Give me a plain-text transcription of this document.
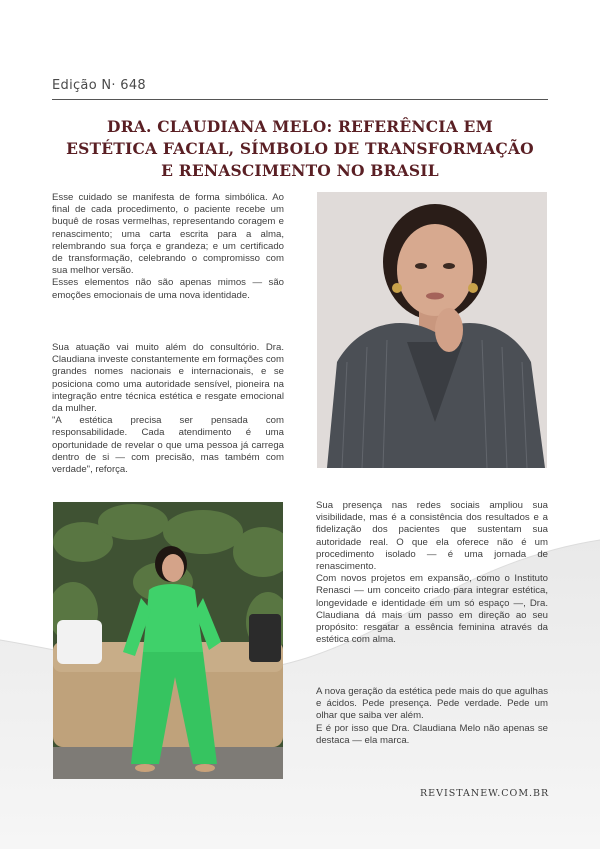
Edição N· 648
DRA. CLAUDIANA MELO: REFERÊNCIA EM ESTÉTICA FACIAL, SÍMBOLO DE TRANSFORMAÇÃO E RENASCIMENTO NO BRASIL

Esse cuidado se manifesta de forma simbólica. Ao final de cada procedimento, o paciente recebe um buquê de rosas vermelhas, representando coragem e renascimento; uma carta escrita para a alma, relembrando sua força e grandeza; e um certificado de transformação, celebrando o compromisso com sua melhor versão.

Esses elementos não são apenas mimos — são emoções emocionais de uma nova identidade.

Sua atuação vai muito além do consultório. Dra. Claudiana investe constantemente em formações com grandes nomes nacionais e internacionais, e se posiciona como uma autoridade sensível, pioneira na integração entre técnica estética e resgate emocional da mulher.

"A estética precisa ser pensada com responsabilidade. Cada atendimento é uma oportunidade de revelar o que uma pessoa já carrega dentro de si — com precisão, mas também com verdade", reforça.

Sua presença nas redes sociais ampliou sua visibilidade, mas é a consistência dos resultados e a fidelização dos pacientes que sustentam sua autoridade real. O que ela oferece não é um procedimento isolado — é uma jornada de renascimento.

Com novos projetos em expansão, como o Instituto Renasci — um conceito criado para integrar estética, longevidade e identidade em um só espaço —, Dra. Claudiana dá mais um passo em direção ao seu propósito: resgatar a essência feminina através da estética com alma.

A nova geração da estética pede mais do que agulhas e ácidos. Pede presença. Pede verdade. Pede um olhar que saiba ver além.

E é por isso que Dra. Claudiana Melo não apenas se destaca — ela marca.

REVISTANEW.COM.BR
